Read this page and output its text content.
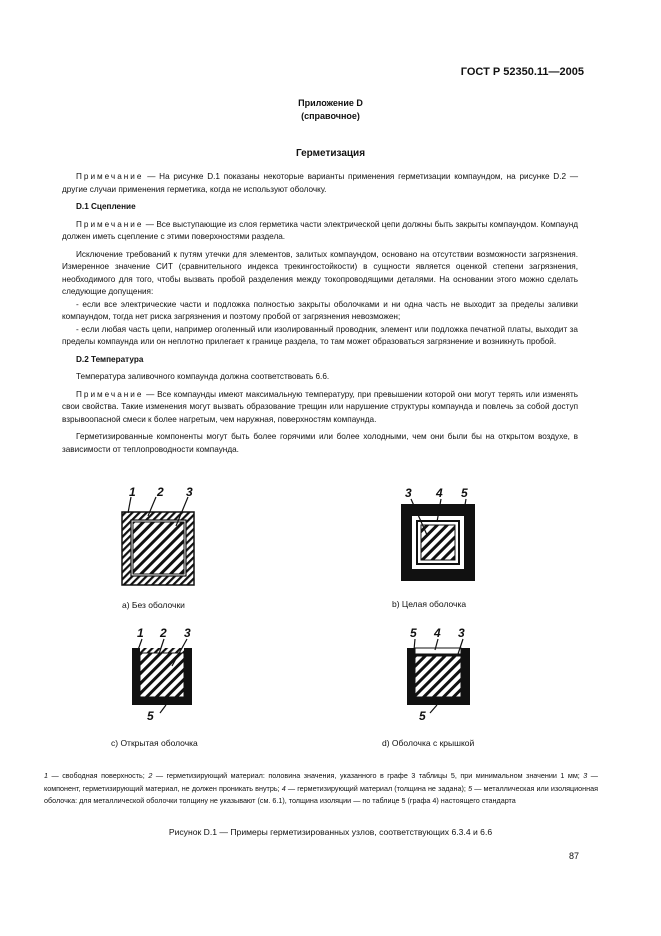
ГОСТ Р 52350.11—2005
Приложение D
(справочное)
Герметизация

Примечание — На рисунке D.1 показаны некоторые варианты применения герметизации компаундом, на рисунке D.2 — другие случаи применения герметика, когда не используют оболочку.

D.1 Сцепление

Примечание — Все выступающие из слоя герметика части электрической цепи должны быть закрыты компаундом. Компаунд должен иметь сцепление с этими поверхностями раздела.

Исключение требований к путям утечки для элементов, залитых компаундом, основано на отсутствии возможности загрязнения. Измеренное значение СИТ (сравнительного индекса трекингостойкости) в сущности является оценкой степени загрязнения, необходимого для того, чтобы вызвать пробой разделения между токопроводящими деталями. На основании этого можно сделать следующие допущения:

- если все электрические части и подложка полностью закрыты оболочками и ни одна часть не выходит за пределы заливки компаундом, тогда нет риска загрязнения и поэтому пробой от загрязнения невозможен;

- если любая часть цепи, например оголенный или изолированный проводник, элемент или подложка печатной платы, выходит за пределы компаунда или он неплотно прилегает к границе раздела, то там может образоваться загрязнение и возникнуть пробой.

D.2 Температура

Температура заливочного компаунда должна соответствовать 6.6.

Примечание — Все компаунды имеют максимальную температуру, при превышении которой они могут терять или изменять свои свойства. Такие изменения могут вызвать образование трещин или нарушение структуры компаунда и повлечь за собой доступ взрывоопасной смеси к более нагретым, чем наружная, поверхностям компаунда.

Герметизированные компоненты могут быть более горячими или более холодными, чем они были бы на открытом воздухе, в зависимости от теплопроводности компаунда.

1 2 3	3 4 5
1 2 3
5
5 4 3
5
а) Без оболочки	b) Целая оболочка
с) Открытая оболочка	d) Оболочка с крышкой
1 — свободная поверхность; 2 — герметизирующий материал: половина значения, указанного в графе 3 таблицы 5, при минимальном значении 1 мм; 3 — компонент, герметизирующий материал, не должен проникать внутрь; 4 — герметизирующий материал (толщина не задана); 5 — металлическая или изоляционная оболочка: для металлической оболочки толщину не указывают (см. 6.1), толщина изоляции — по таблице 5 (графа 4) настоящего стандарта
Рисунок D.1 — Примеры герметизированных узлов, соответствующих 6.3.4 и 6.6
87
